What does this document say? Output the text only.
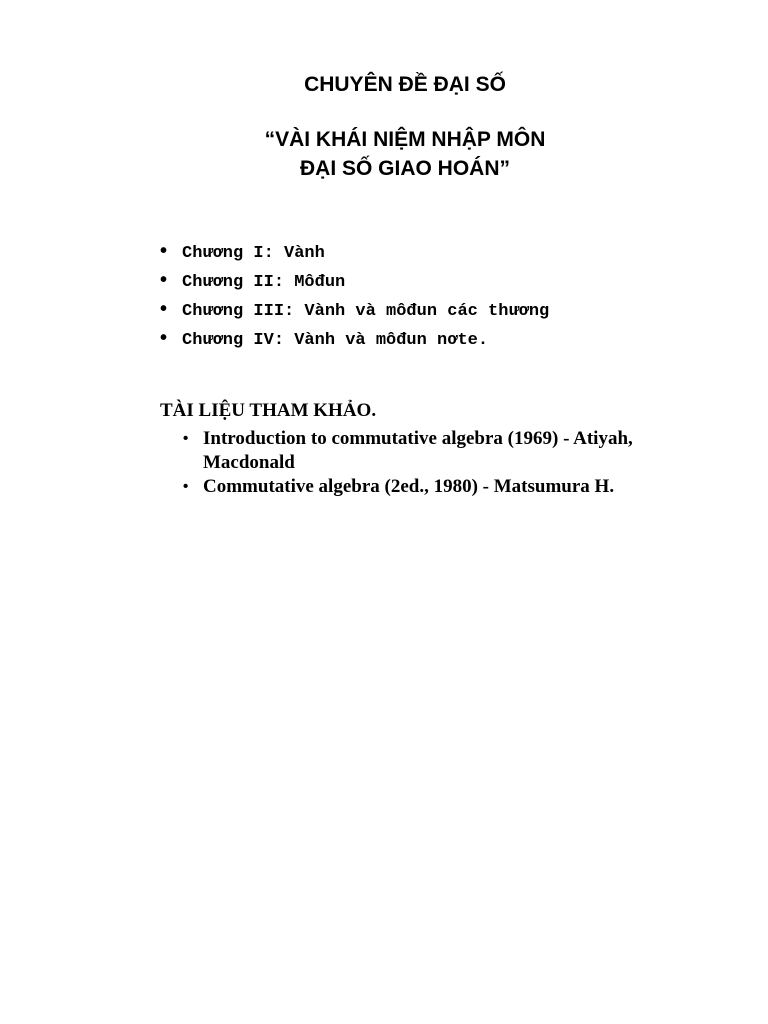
CHUYÊN ĐỀ ĐẠI SỐ
“VÀI KHÁI NIỆM NHẬP MÔN
ĐẠI SỐ GIAO HOÁN”
• Chương I: Vành
• Chương II: Môđun
• Chương III: Vành và môđun các thương
• Chương IV: Vành và môđun nơte.
TÀI LIỆU THAM KHẢO.
• Introduction to commutative algebra (1969) - Atiyah, Macdonald
• Commutative algebra (2ed., 1980) - Matsumura H.
